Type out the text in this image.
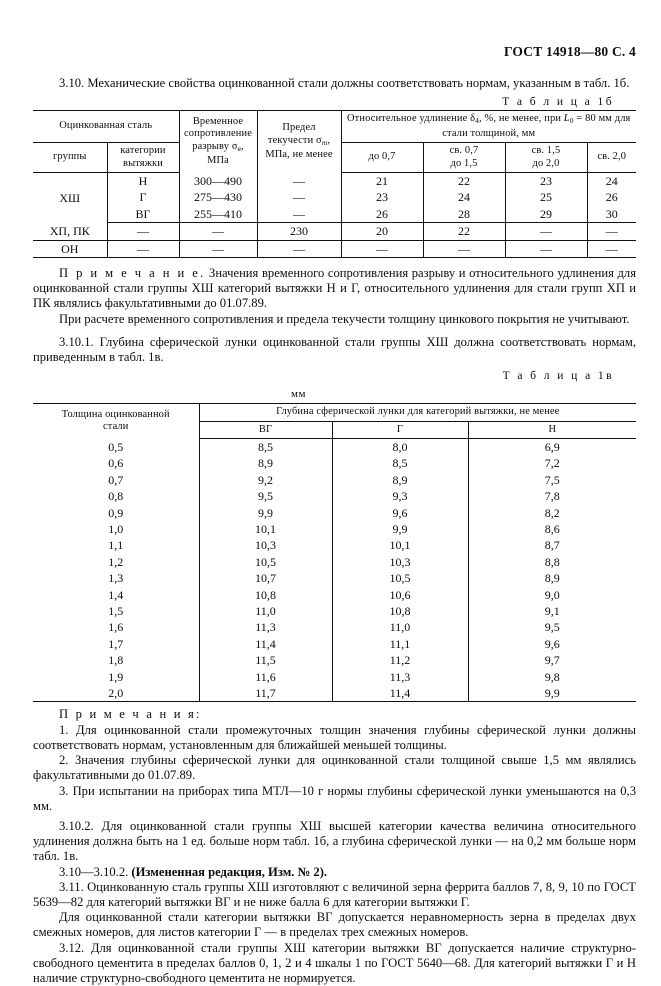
ГОСТ 14918—80 С. 4

3.10. Механические свойства оцинкованной стали должны соответствовать нормам, указанным в табл. 1б.

Т а б л и ц а 1б
Оцинкованная сталь		Временное
сопротивление
разрыву $\sigma_в$,
МПа	Предел
текучести $\sigma_т$,
МПа, не менее	Относительное удлинение $\delta_4$, %, не менее, при $L_0 = 80$ мм для
стали толщиной, мм			
группы	категории
вытяжки			до 0,7	св. 0,7
до 1,5	св. 1,5
до 2,0	св. 2,0
ХШ	Н	300—490	—	21	22	23	24
	Г	275—430	—	23	24	25	26
	ВГ	255—410	—	26	28	29	30
ХП, ПК	—	—	230	20	22	—	—
ОН	—	—	—	—	—	—	—

П р и м е ч а н и е. Значения временного сопротивления разрыву и относительного удлинения для оцинкованной стали группы ХШ категорий вытяжки Н и Г, относительного удлинения для стали групп ХП и ПК являлись факультативными до 01.07.89.

При расчете временного сопротивления и предела текучести толщину цинкового покрытия не учитывают.

3.10.1. Глубина сферической лунки оцинкованной стали группы ХШ должна соответствовать нормам, приведенным в табл. 1в.

Т а б л и ц а 1в
мм
Толщина оцинкованной
стали	Глубина сферической лунки для категорий вытяжки, не менее		
	ВГ	Г	Н
0,5	8,5	8,0	6,9
0,6	8,9	8,5	7,2
0,7	9,2	8,9	7,5
0,8	9,5	9,3	7,8
0,9	9,9	9,6	8,2
1,0	10,1	9,9	8,6
1,1	10,3	10,1	8,7
1,2	10,5	10,3	8,8
1,3	10,7	10,5	8,9
1,4	10,8	10,6	9,0
1,5	11,0	10,8	9,1
1,6	11,3	11,0	9,5
1,7	11,4	11,1	9,6
1,8	11,5	11,2	9,7
1,9	11,6	11,3	9,8
2,0	11,7	11,4	9,9

П р и м е ч а н и я:

1. Для оцинкованной стали промежуточных толщин значения глубины сферической лунки должны соответствовать нормам, установленным для ближайшей меньшей толщины.

2. Значения глубины сферической лунки для оцинкованной стали толщиной свыше 1,5 мм являлись факультативными до 01.07.89.

3. При испытании на приборах типа МТЛ—10 г нормы глубины сферической лунки уменьшаются на 0,3 мм.

3.10.2. Для оцинкованной стали группы ХШ высшей категории качества величина относительного удлинения должна быть на 1 ед. больше норм табл. 1б, а глубина сферической лунки — на 0,2 мм больше норм табл. 1в.

3.10—3.10.2. (Измененная редакция, Изм. № 2).

3.11. Оцинкованную сталь группы ХШ изготовляют с величиной зерна феррита баллов 7, 8, 9, 10 по ГОСТ 5639—82 для категорий вытяжки ВГ и не ниже балла 6 для категории вытяжки Г.

Для оцинкованной стали категории вытяжки ВГ допускается неравномерность зерна в пределах двух смежных номеров, для листов категории Г — в пределах трех смежных номеров.

3.12. Для оцинкованной стали группы ХШ категории вытяжки ВГ допускается наличие структурно-свободного цементита в пределах баллов 0, 1, 2 и 4 шкалы 1 по ГОСТ 5640—68. Для категорий вытяжки Г и Н наличие структурно-свободного цементита не нормируется.
